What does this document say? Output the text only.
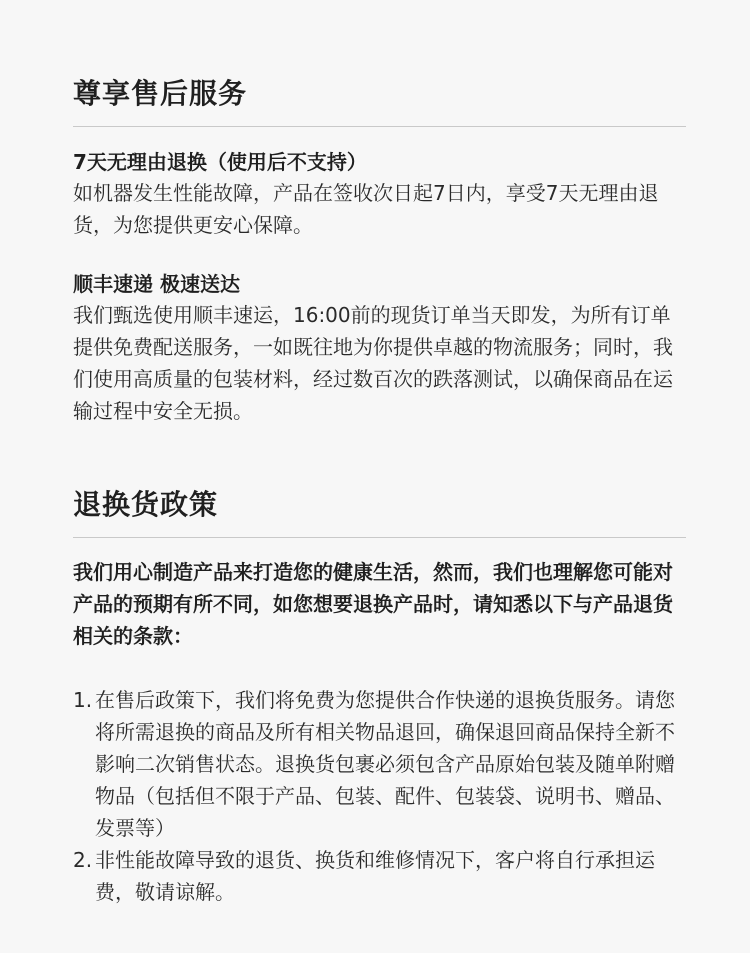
尊享售后服务
7天无理由退换（使用后不支持）

如机器发生性能故障，产品在签收次日起7日内，享受7天无理由退货，为您提供更安心保障。

顺丰速递 极速送达

我们甄选使用顺丰速运，16:00前的现货订单当天即发，为所有订单提供免费配送服务，一如既往地为你提供卓越的物流服务；同时，我们使用高质量的包装材料，经过数百次的跌落测试，以确保商品在运输过程中安全无损。

退换货政策

我们用心制造产品来打造您的健康生活，然而，我们也理解您可能对产品的预期有所不同，如您想要退换产品时，请知悉以下与产品退货相关的条款：

1. 在售后政策下，我们将免费为您提供合作快递的退换货服务。请您将所需退换的商品及所有相关物品退回，确保退回商品保持全新不影响二次销售状态。退换货包裹必须包含产品原始包装及随单附赠物品（包括但不限于产品、包装、配件、包装袋、说明书、赠品、发票等）
2. 非性能故障导致的退货、换货和维修情况下，客户将自行承担运费，敬请谅解。
